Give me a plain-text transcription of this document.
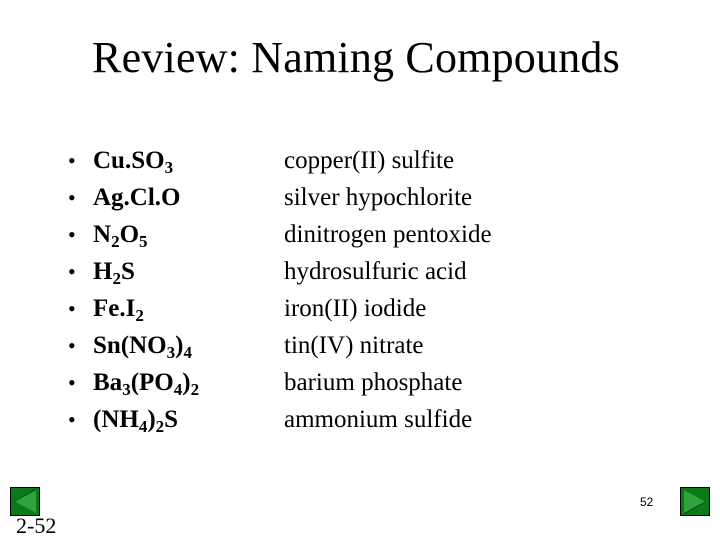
Review: Naming Compounds
• $Cu.SO_3$
• Ag.Cl.O
• $N_2O_5$
• $H_2S$
• $Fe.I_2$
• $Sn(NO_3)_4$
• $Ba_3(PO_4)_2$
• $(NH_4)_2S$
copper(II) sulfite
silver hypochlorite
dinitrogen pentoxide
hydrosulfuric acid
iron(II) iodide
tin(IV) nitrate
barium phosphate
ammonium sulfide
2-52
52
